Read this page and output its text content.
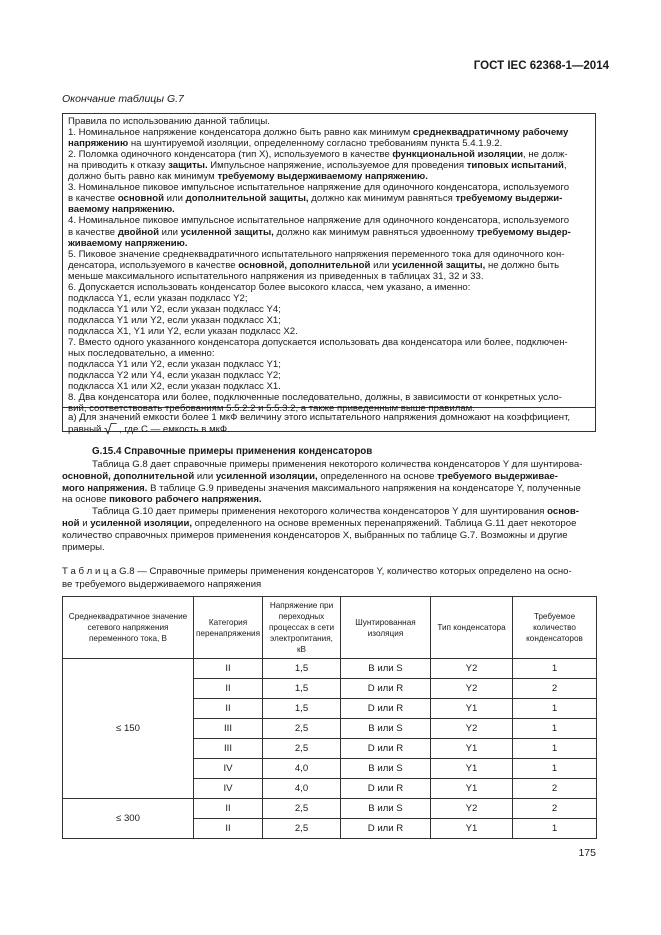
ГОСТ IEC 62368-1—2014
Окончание таблицы G.7
Правила по использованию данной таблицы.
1. Номинальное напряжение конденсатора должно быть равно как минимум среднеквадратичному рабочему
напряжению на шунтируемой изоляции, определенному согласно требованиям пункта 5.4.1.9.2.
2. Поломка одиночного конденсатора (тип X), используемого в качестве функциональной изоляции, не долж-
на приводить к отказу защиты. Импульсное напряжение, используемое для проведения типовых испытаний,
должно быть равно как минимум требуемому выдерживаемому напряжению.
3. Номинальное пиковое импульсное испытательное напряжение для одиночного конденсатора, используемого
в качестве основной или дополнительной защиты, должно как минимум равняться требуемому выдержи-
ваемому напряжению.
4. Номинальное пиковое импульсное испытательное напряжение для одиночного конденсатора, используемого
в качестве двойной или усиленной защиты, должно как минимум равняться удвоенному требуемому выдер-
живаемому напряжению.
5. Пиковое значение среднеквадратичного испытательного напряжения переменного тока для одиночного кон-
денсатора, используемого в качестве основной, дополнительной или усиленной защиты, не должно быть
меньше максимального испытательного напряжения из приведенных в таблицах 31, 32 и 33.
6. Допускается использовать конденсатор более высокого класса, чем указано, а именно:
подкласса Y1, если указан подкласс Y2;
подкласса Y1 или Y2, если указан подкласс Y4;
подкласса Y1 или Y2, если указан подкласс X1;
подкласса X1, Y1 или Y2, если указан подкласс X2.
7. Вместо одного указанного конденсатора допускается использовать два конденсатора или более, подключен-
ных последовательно, а именно:
подкласса Y1 или Y2, если указан подкласс Y1;
подкласса Y2 или Y4, если указан подкласс Y2;
подкласса X1 или X2, если указан подкласс X1.
8. Два конденсатора или более, подключенные последовательно, должны, в зависимости от конкретных усло-
вий, соответствовать требованиям 5.5.2.2 и 5.5.3.2, а также приведенным выше правилам.
a) Для значений емкости более 1 мкФ величину этого испытательного напряжения домножают на коэффициент,
равный √‾ , где C — емкость в мкФ.
G.15.4 Справочные примеры применения конденсаторов
Таблица G.8 дает справочные примеры применения некоторого количества конденсаторов Y для шунтирова-
основной, дополнительной или усиленной изоляции, определенного на основе требуемого выдерживае-
мого напряжения. В таблице G.9 приведены значения максимального напряжения на конденсаторе Y, полученные
на основе пикового рабочего напряжения.
Таблица G.10 дает примеры применения некоторого количества конденсаторов Y для шунтирования основ-
ной и усиленной изоляции, определенного на основе временных перенапряжений. Таблица G.11 дает некоторое
количество справочных примеров применения конденсаторов X, выбранных по таблице G.7. Возможны и другие
примеры.
Т а б л и ц а G.8 — Справочные примеры применения конденсаторов Y, количество которых определено на осно-
ве требуемого выдерживаемого напряжения
Среднеквадратичное значение сетевого напряжения переменного тока, В	Категория перенапряжения	Напряжение при переходных процессах в сети электропитания, кВ	Шунтированная изоляция	Тип конденсатора	Требуемое количество конденсаторов
≤ 150	II	1,5	B или S	Y2	1
	II	1,5	D или R	Y2	2
	II	1,5	D или R	Y1	1
	III	2,5	B или S	Y2	1
	III	2,5	D или R	Y1	1
	IV	4,0	B или S	Y1	1
	IV	4,0	D или R	Y1	2
≤ 300	II	2,5	B или S	Y2	2
	II	2,5	D или R	Y1	1
175
